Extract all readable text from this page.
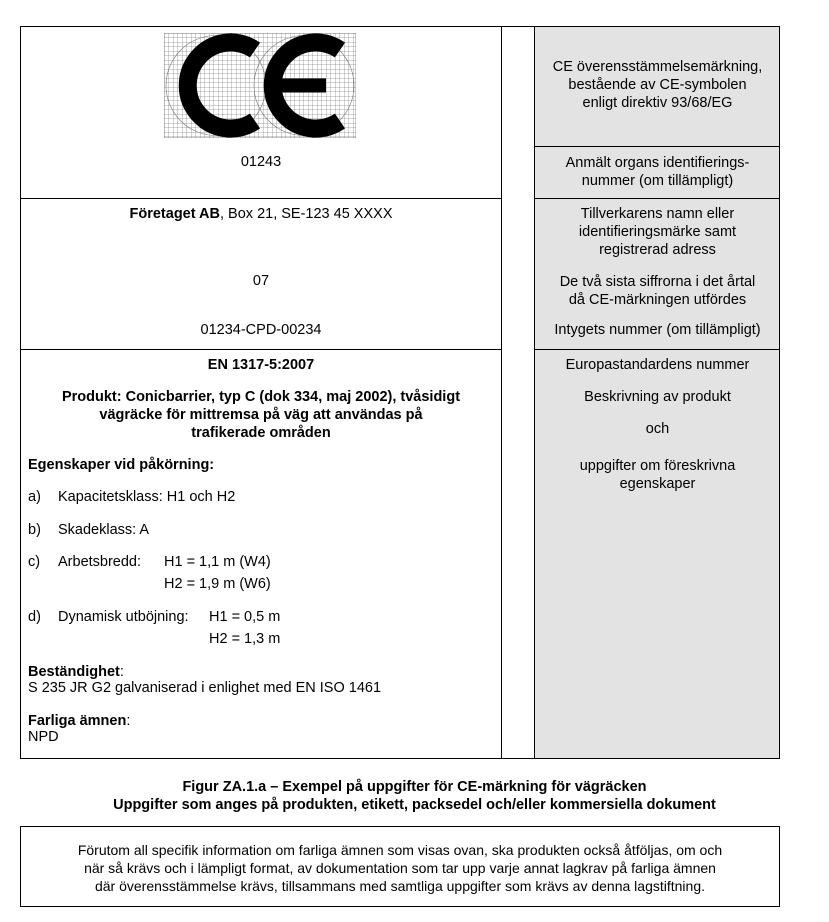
01243
Företaget AB, Box 21, SE-123 45 XXXX
07
01234-CPD-00234
EN 1317-5:2007
Produkt: Conicbarrier, typ C (dok 334, maj 2002), tvåsidigt
vägräcke för mittremsa på väg att användas på
trafikerade områden
Egenskaper vid påkörning:
a) Kapacitetsklass: H1 och H2
b) Skadeklass: A
c) Arbetsbredd: H1 = 1,1 m (W4)
H2 = 1,9 m (W6)
d) Dynamisk utböjning: H1 = 0,5 m
H2 = 1,3 m
Beständighet:
S 235 JR G2 galvaniserad i enlighet med EN ISO 1461
Farliga ämnen:
NPD
CE överensstämmelsemärkning,
bestående av CE-symbolen
enligt direktiv 93/68/EG
Anmält organs identifierings-
nummer (om tillämpligt)
Tillverkarens namn eller
identifieringsmärke samt
registrerad adress
De två sista siffrorna i det årtal
då CE-märkningen utfördes
Intygets nummer (om tillämpligt)
Europastandardens nummer
Beskrivning av produkt
och
uppgifter om föreskrivna
egenskaper
Figur ZA.1.a – Exempel på uppgifter för CE-märkning för vägräcken
Uppgifter som anges på produkten, etikett, packsedel och/eller kommersiella dokument
Förutom all specifik information om farliga ämnen som visas ovan, ska produkten också åtföljas, om och
när så krävs och i lämpligt format, av dokumentation som tar upp varje annat lagkrav på farliga ämnen
där överensstämmelse krävs, tillsammans med samtliga uppgifter som krävs av denna lagstiftning.
